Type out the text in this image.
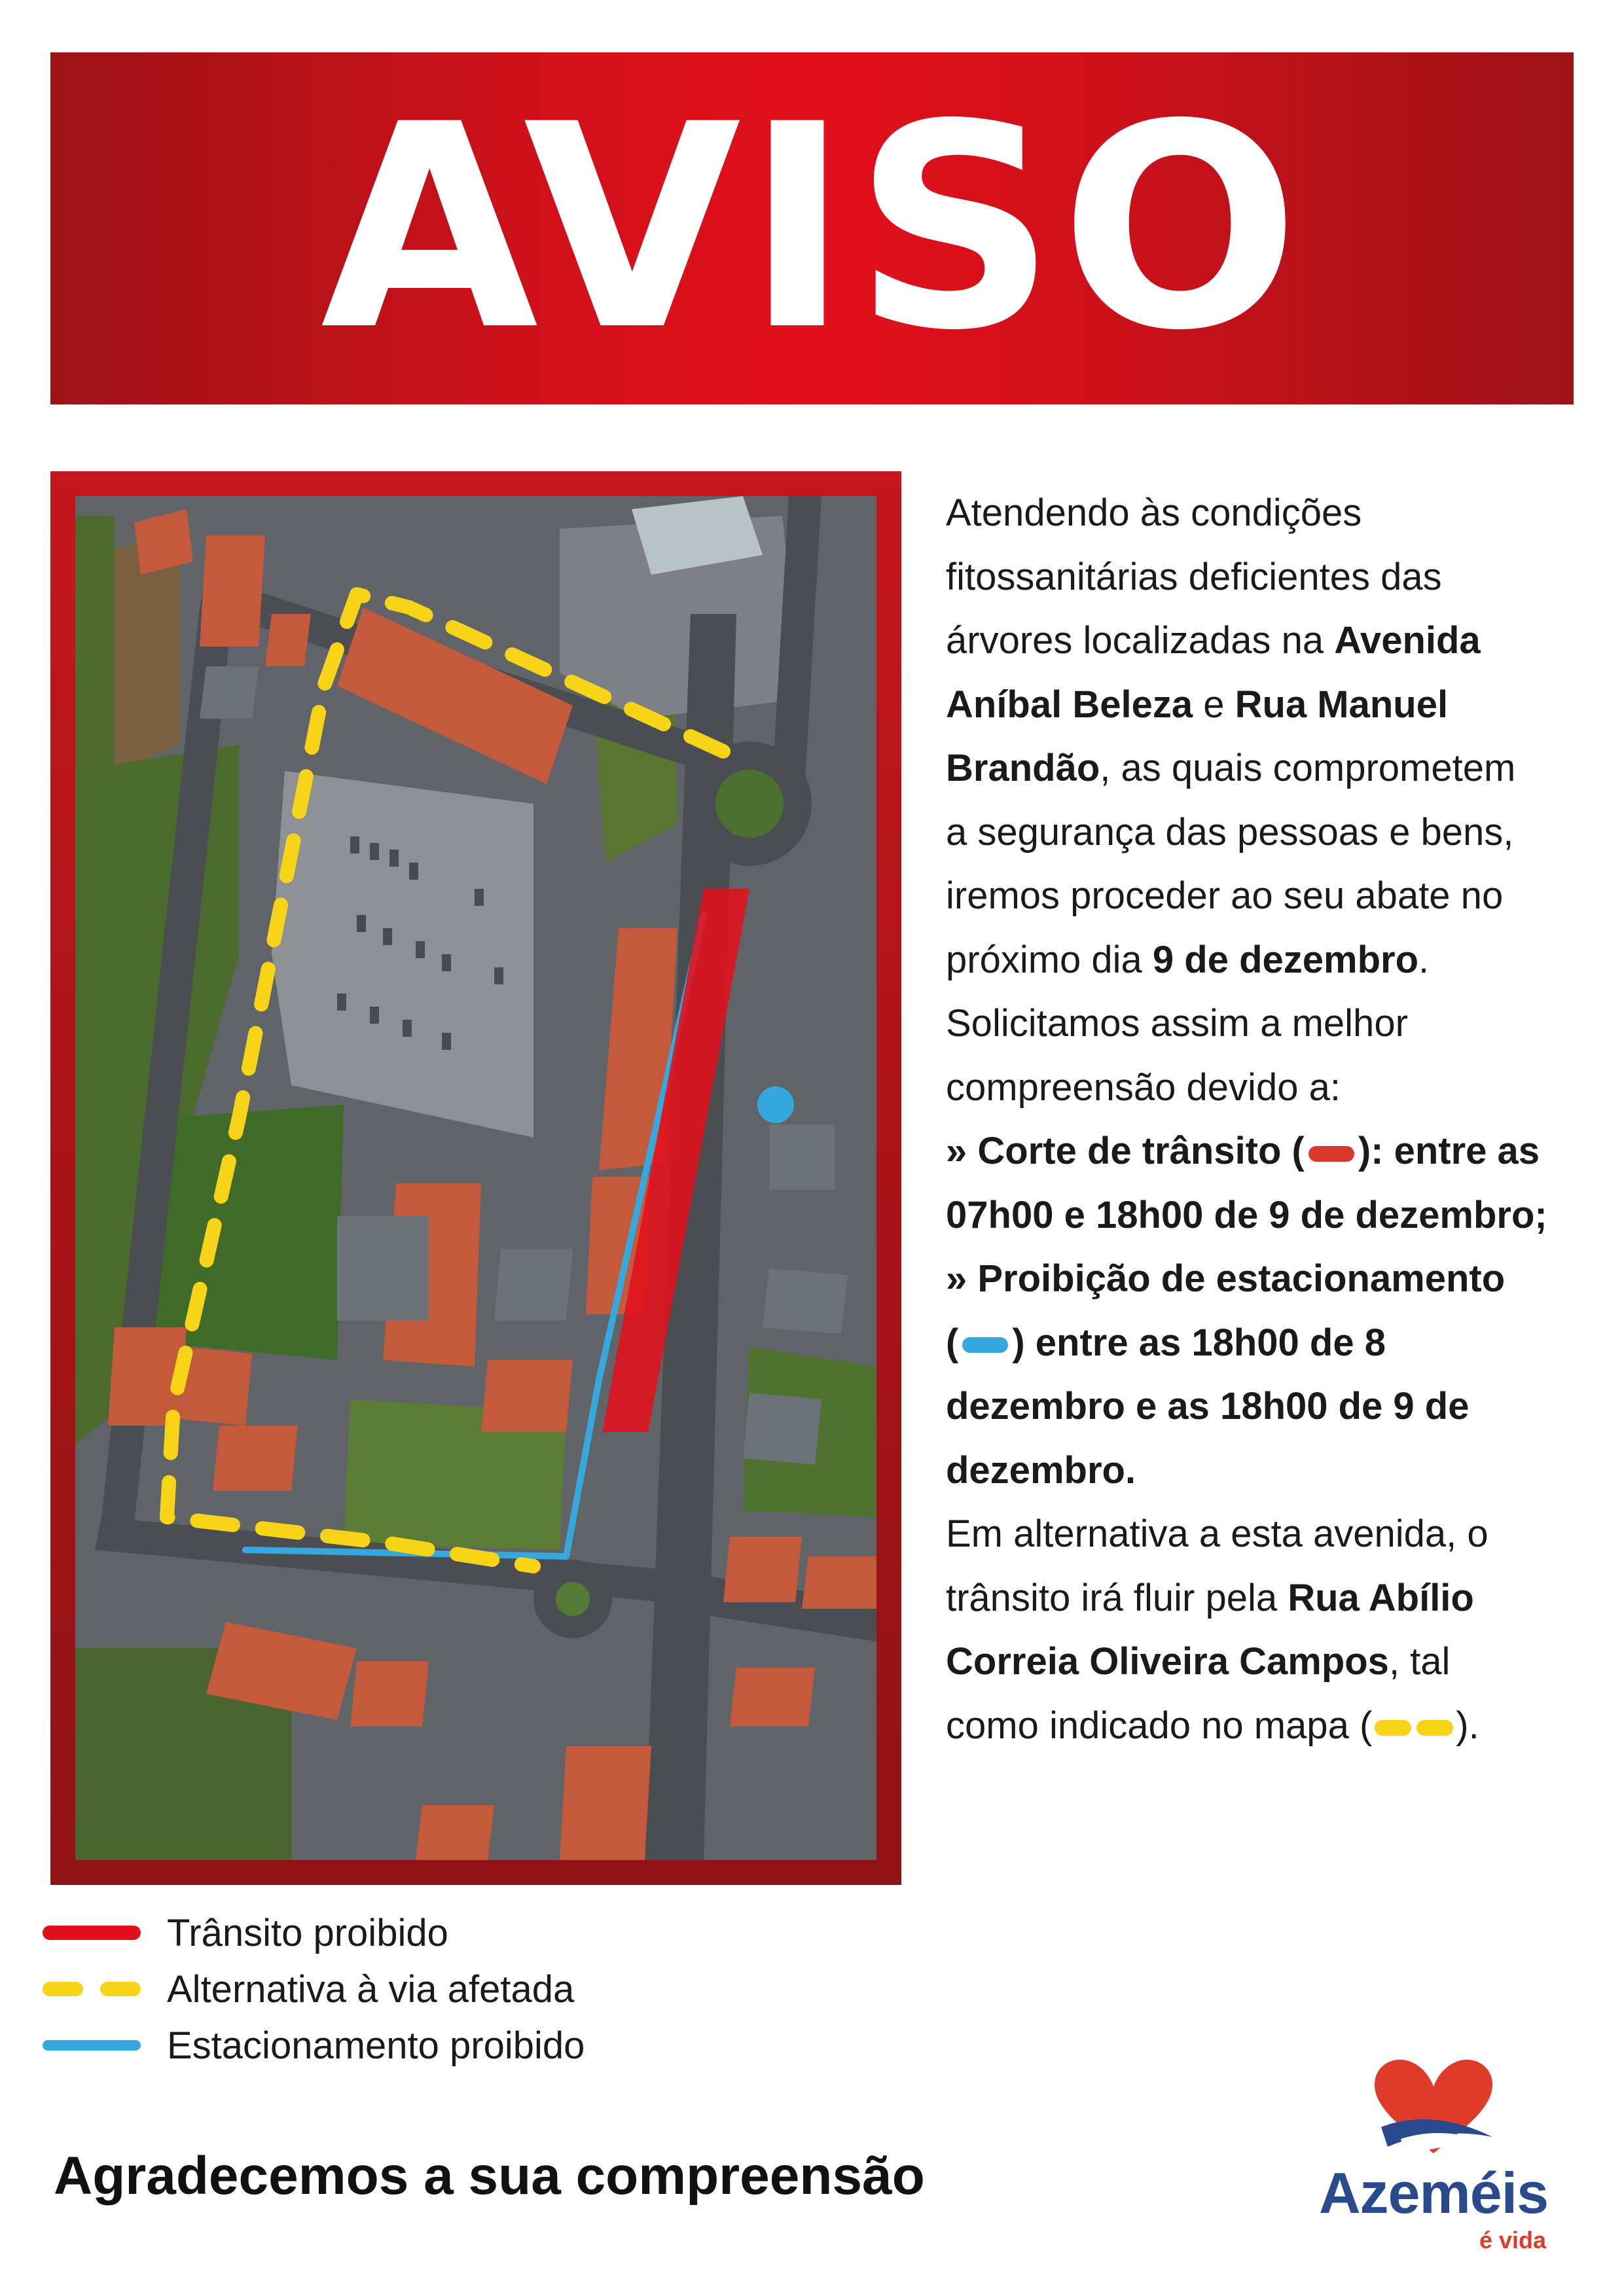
AVISO

Atendendo às condições

fitossanitárias deficientes das

árvores localizadas na Avenida

Aníbal Beleza e Rua Manuel

Brandão, as quais comprometem

a segurança das pessoas e bens,

iremos proceder ao seu abate no

próximo dia 9 de dezembro.

Solicitamos assim a melhor

compreensão devido a:

» Corte de trânsito ( ): entre as

07h00 e 18h00 de 9 de dezembro;

» Proibição de estacionamento

( ) entre as 18h00 de 8

dezembro e as 18h00 de 9 de

dezembro.

Em alternativa a esta avenida, o

trânsito irá fluir pela Rua Abílio

Correia Oliveira Campos, tal

como indicado no mapa ( ).

Trânsito proibido
Alternativa à via afetada
Estacionamento proibido

Agradecemos a sua compreensão	Azeméis
é vida
